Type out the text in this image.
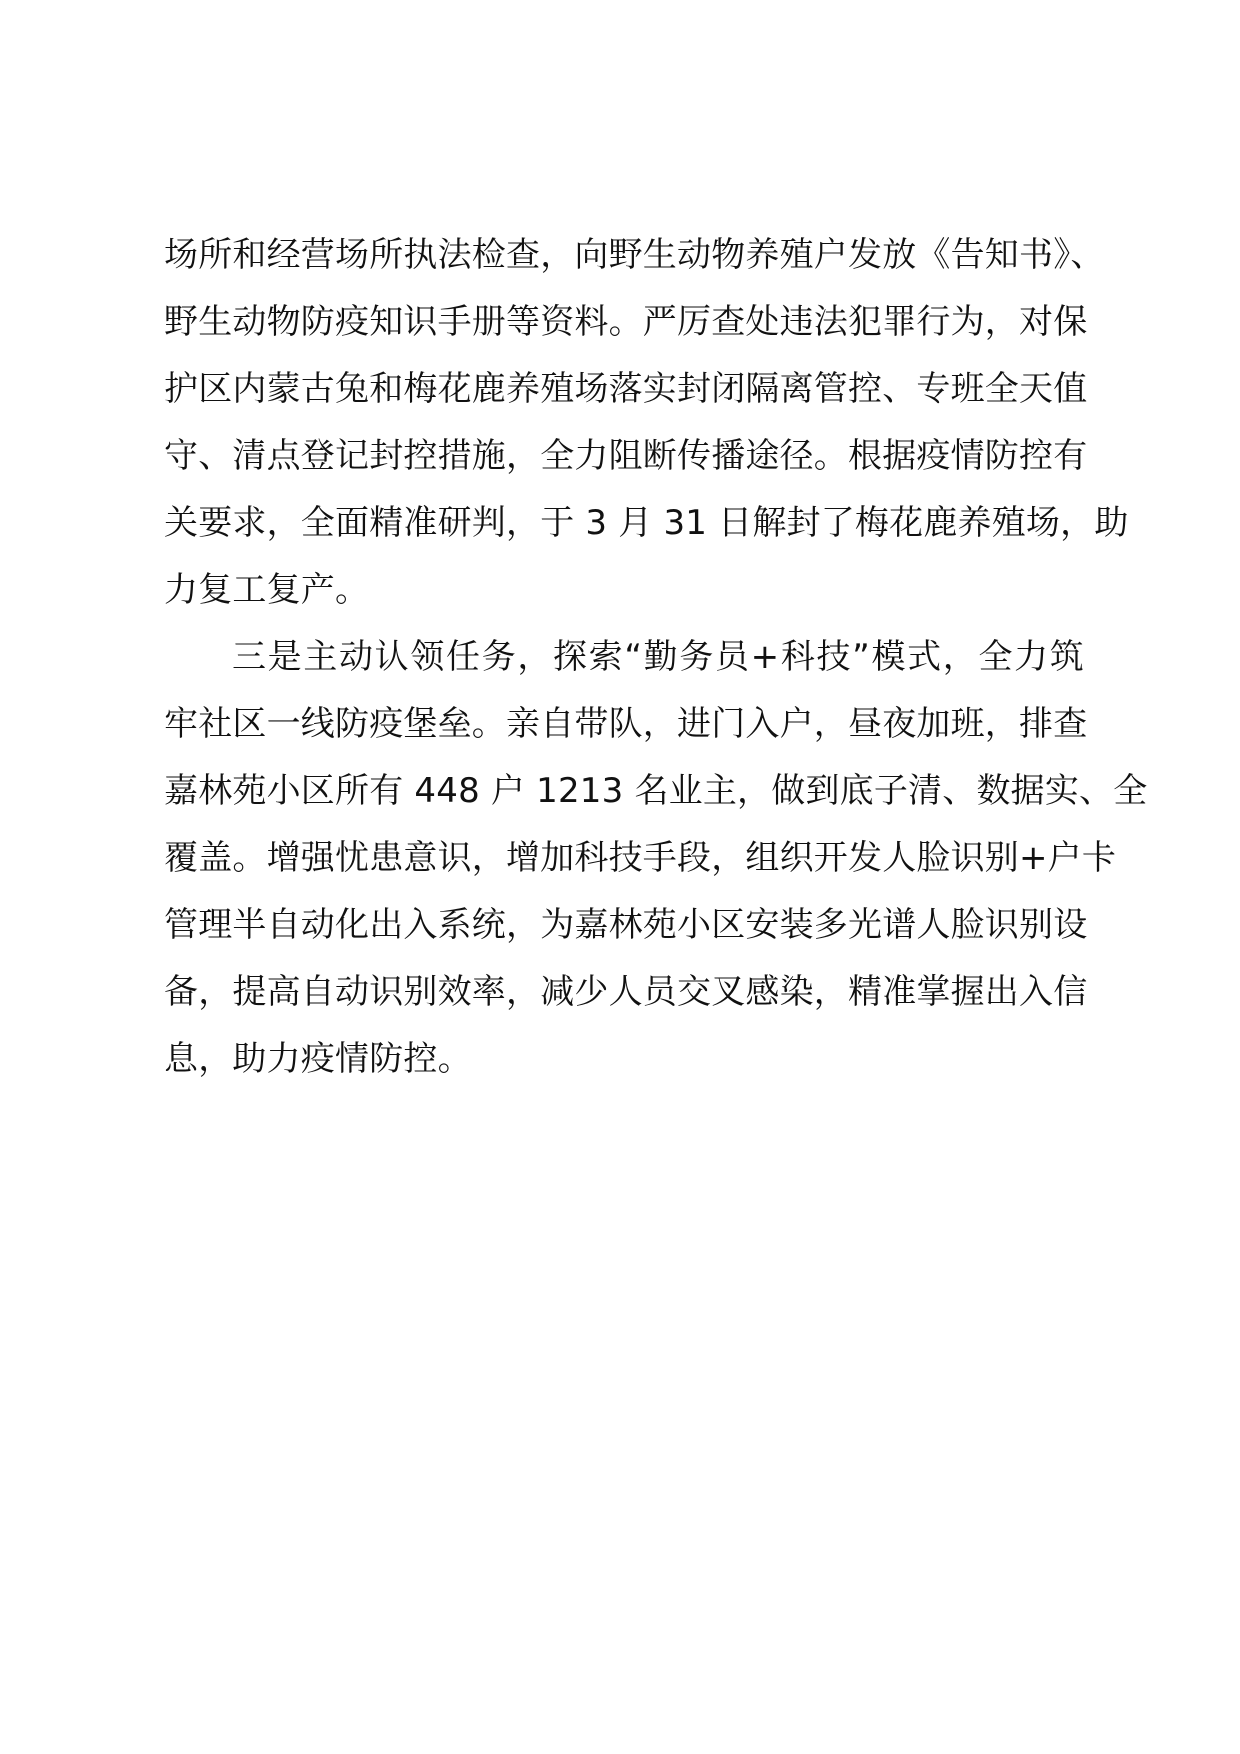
场所和经营场所执法检查，向野生动物养殖户发放《告知书》、
野生动物防疫知识手册等资料。严厉查处违法犯罪行为，对保
护区内蒙古兔和梅花鹿养殖场落实封闭隔离管控、专班全天值
守、清点登记封控措施，全力阻断传播途径。根据疫情防控有
关要求，全面精准研判，于 3 月 31 日解封了梅花鹿养殖场，助
力复工复产。
三是主动认领任务，探索“勤务员+科技”模式，全力筑
牢社区一线防疫堡垒。亲自带队，进门入户，昼夜加班，排查
嘉林苑小区所有 448 户 1213 名业主，做到底子清、数据实、全
覆盖。增强忧患意识，增加科技手段，组织开发人脸识别+户卡
管理半自动化出入系统，为嘉林苑小区安装多光谱人脸识别设
备，提高自动识别效率，减少人员交叉感染，精准掌握出入信
息，助力疫情防控。
